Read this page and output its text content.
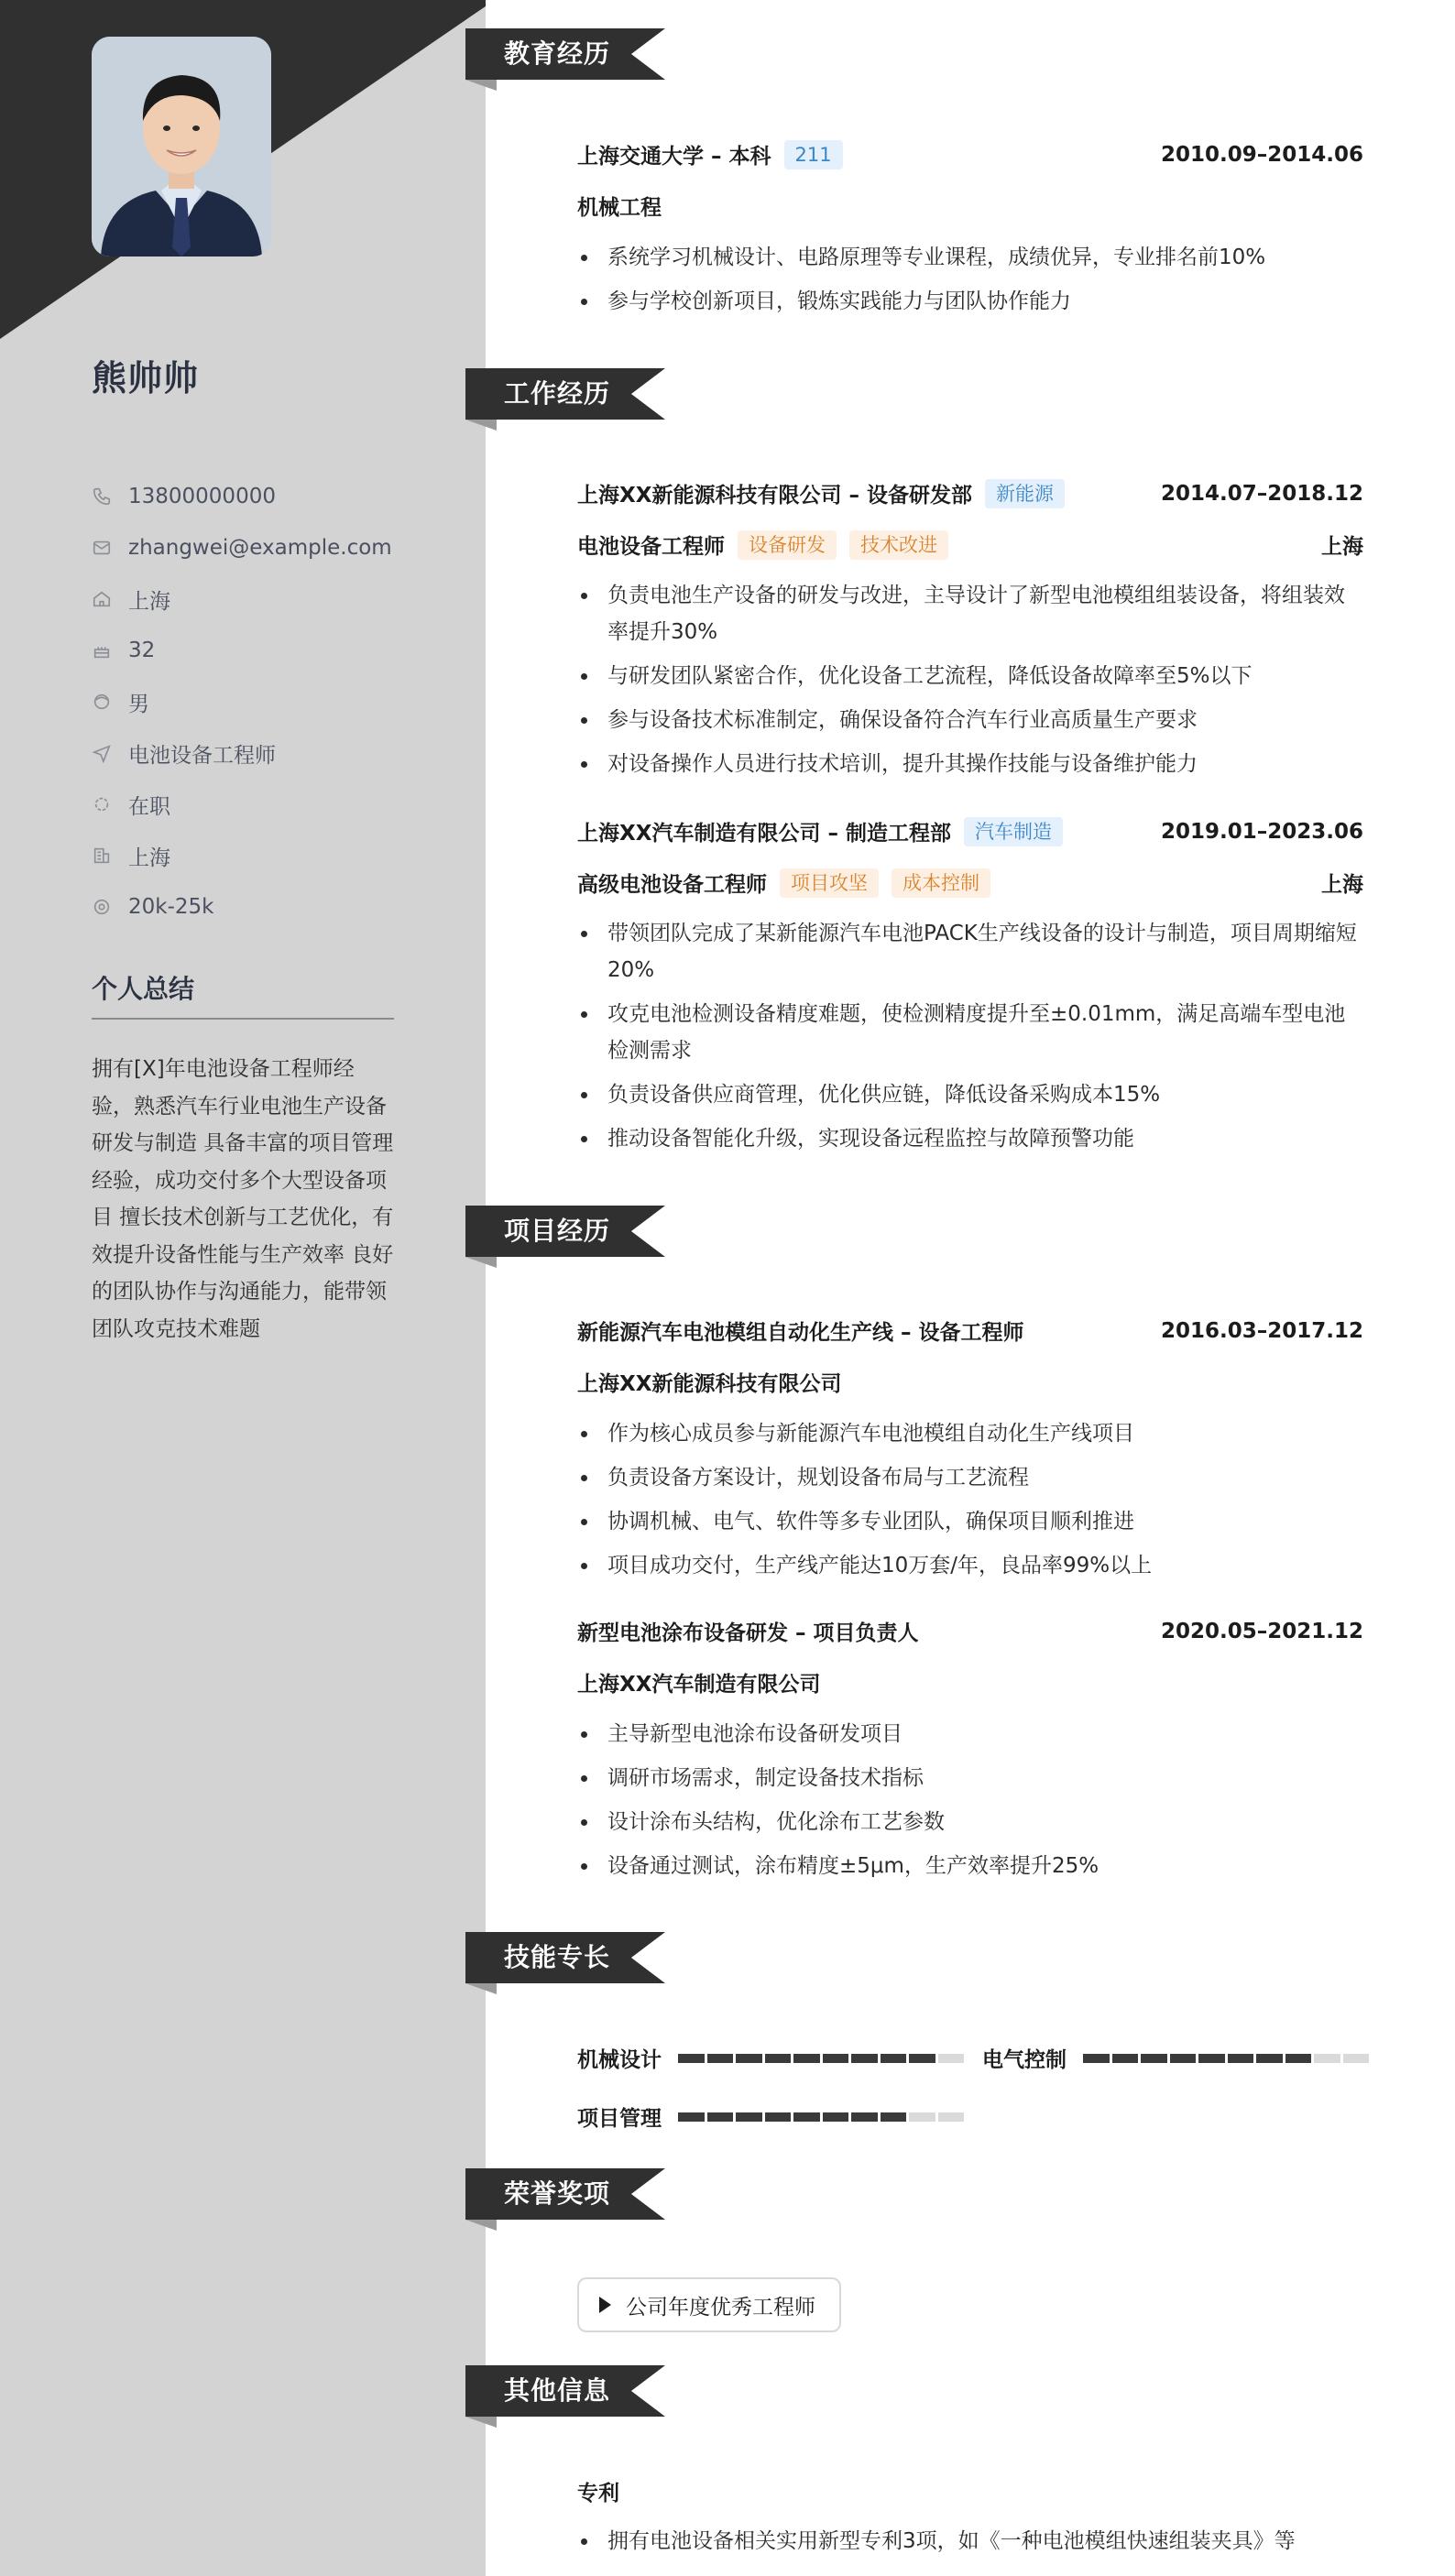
熊帅帅
13800000000
zhangwei@example.com
上海
32
男
电池设备工程师
在职
上海
20k-25k
个人总结
拥有[X]年电池设备工程师经验，熟悉汽车行业电池生产设备研发与制造 具备丰富的项目管理经验，成功交付多个大型设备项目 擅长技术创新与工艺优化，有效提升设备性能与生产效率 良好的团队协作与沟通能力，能带领团队攻克技术难题
教育经历
上海交通大学 – 本科	211	2010.09–2014.06
机械工程
系统学习机械设计、电路原理等专业课程，成绩优异，专业排名前10%
参与学校创新项目，锻炼实践能力与团队协作能力
工作经历
上海XX新能源科技有限公司 – 设备研发部	新能源	2014.07–2018.12
电池设备工程师	设备研发	技术改进	上海
负责电池生产设备的研发与改进，主导设计了新型电池模组组装设备，将组装效率提升30%
与研发团队紧密合作，优化设备工艺流程，降低设备故障率至5%以下
参与设备技术标准制定，确保设备符合汽车行业高质量生产要求
对设备操作人员进行技术培训，提升其操作技能与设备维护能力
上海XX汽车制造有限公司 – 制造工程部	汽车制造	2019.01–2023.06
高级电池设备工程师	项目攻坚	成本控制	上海
带领团队完成了某新能源汽车电池PACK生产线设备的设计与制造，项目周期缩短20%
攻克电池检测设备精度难题，使检测精度提升至±0.01mm，满足高端车型电池检测需求
负责设备供应商管理，优化供应链，降低设备采购成本15%
推动设备智能化升级，实现设备远程监控与故障预警功能
项目经历
新能源汽车电池模组自动化生产线 – 设备工程师	2016.03–2017.12
上海XX新能源科技有限公司
作为核心成员参与新能源汽车电池模组自动化生产线项目
负责设备方案设计，规划设备布局与工艺流程
协调机械、电气、软件等多专业团队，确保项目顺利推进
项目成功交付，生产线产能达10万套/年，良品率99%以上
新型电池涂布设备研发 – 项目负责人	2020.05–2021.12
上海XX汽车制造有限公司
主导新型电池涂布设备研发项目
调研市场需求，制定设备技术指标
设计涂布头结构，优化涂布工艺参数
设备通过测试，涂布精度±5μm，生产效率提升25%
技能专长
机械设计	电气控制
项目管理
荣誉奖项
公司年度优秀工程师
其他信息
专利
拥有电池设备相关实用新型专利3项，如《一种电池模组快速组装夹具》等
